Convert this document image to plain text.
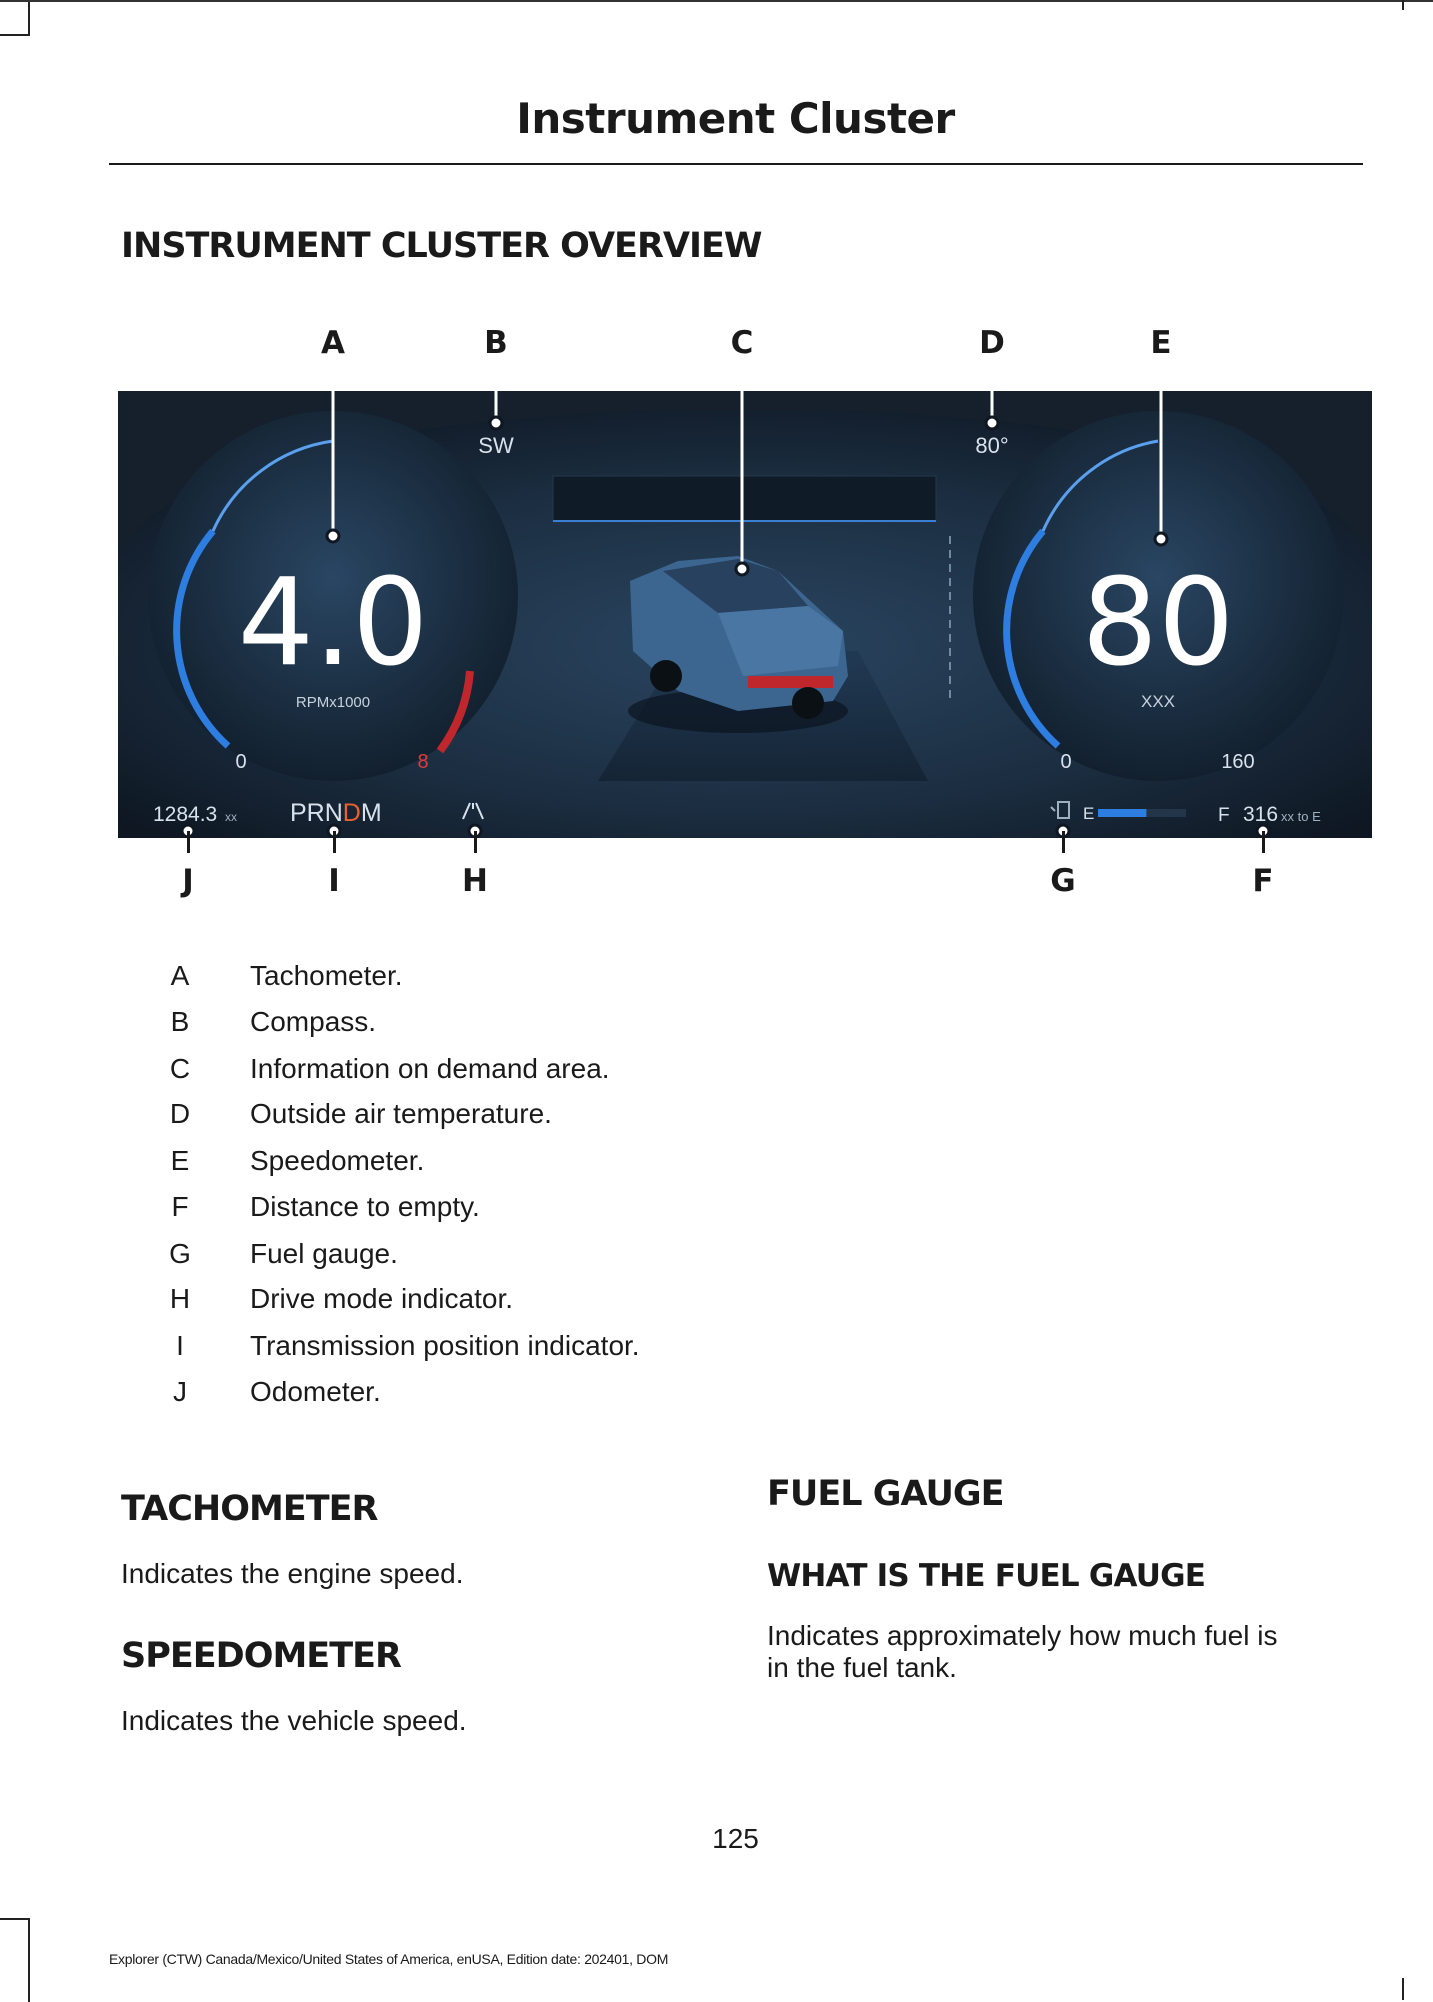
Instrument Cluster
INSTRUMENT CLUSTER OVERVIEW
A	B	C	D	E
SW	80°
4.0
RPMx1000
0	8
80
XXX
0	160
1284.3 xx PRNDM	E	F 316 xx to E
J	I	H	G	F
A	Tachometer.
B	Compass.
C	Information on demand area.
D	Outside air temperature.
E	Speedometer.
F	Distance to empty.
G	Fuel gauge.
H	Drive mode indicator.
I	Transmission position indicator.
J	Odometer.
TACHOMETER
Indicates the engine speed.
SPEEDOMETER
Indicates the vehicle speed.
FUEL GAUGE
WHAT IS THE FUEL GAUGE
Indicates approximately how much fuel is
in the fuel tank.
125
Explorer (CTW) Canada/Mexico/United States of America, enUSA, Edition date: 202401, DOM
